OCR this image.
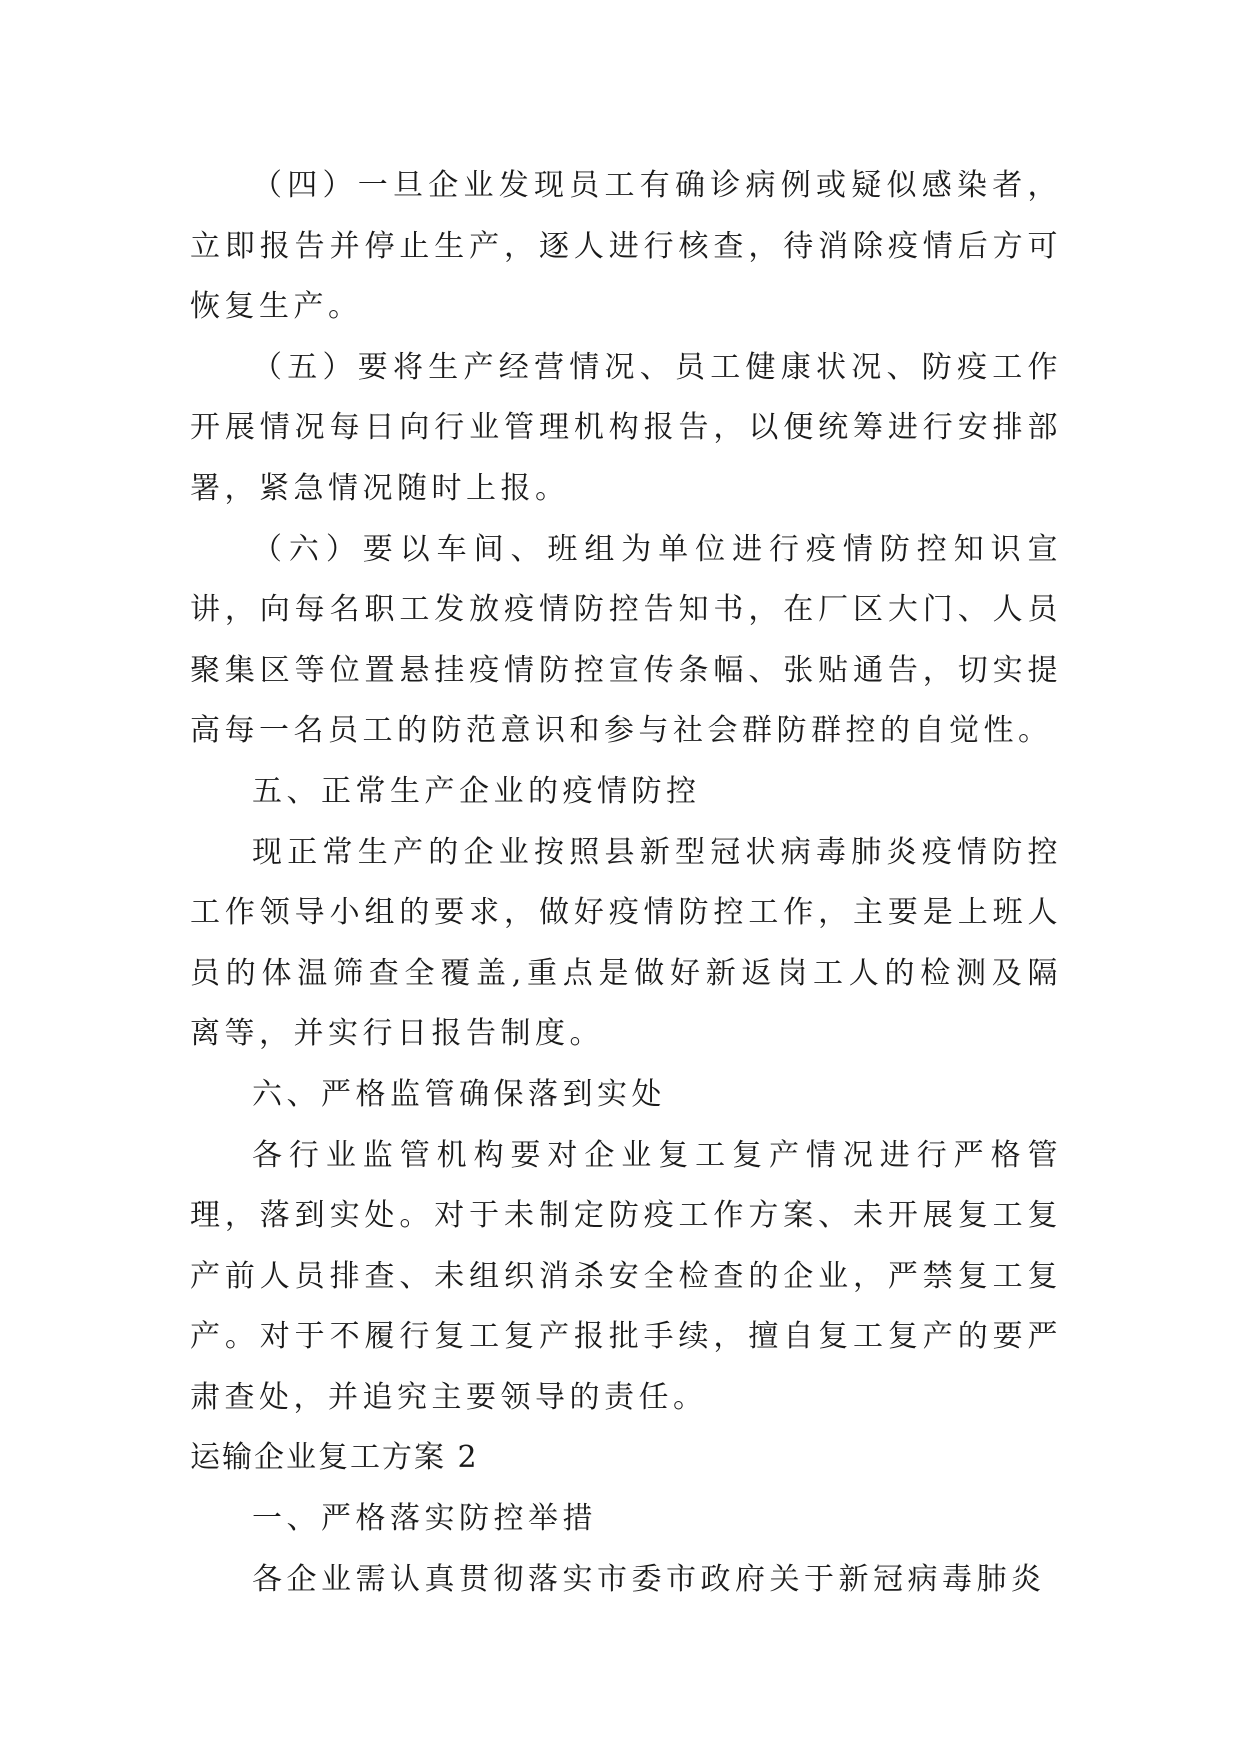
（四）一旦企业发现员工有确诊病例或疑似感染者，立即报告并停止生产，逐人进行核查，待消除疫情后方可恢复生产。

（五）要将生产经营情况、员工健康状况、防疫工作开展情况每日向行业管理机构报告，以便统筹进行安排部署，紧急情况随时上报。

（六）要以车间、班组为单位进行疫情防控知识宣讲，向每名职工发放疫情防控告知书，在厂区大门、人员聚集区等位置悬挂疫情防控宣传条幅、张贴通告，切实提高每一名员工的防范意识和参与社会群防群控的自觉性。

五、正常生产企业的疫情防控

现正常生产的企业按照县新型冠状病毒肺炎疫情防控工作领导小组的要求，做好疫情防控工作，主要是上班人员的体温筛查全覆盖,重点是做好新返岗工人的检测及隔离等，并实行日报告制度。

六、严格监管确保落到实处

各行业监管机构要对企业复工复产情况进行严格管理，落到实处。对于未制定防疫工作方案、未开展复工复产前人员排查、未组织消杀安全检查的企业，严禁复工复产。对于不履行复工复产报批手续，擅自复工复产的要严肃查处，并追究主要领导的责任。

运输企业复工方案 2

一、严格落实防控举措

各企业需认真贯彻落实市委市政府关于新冠病毒肺炎
